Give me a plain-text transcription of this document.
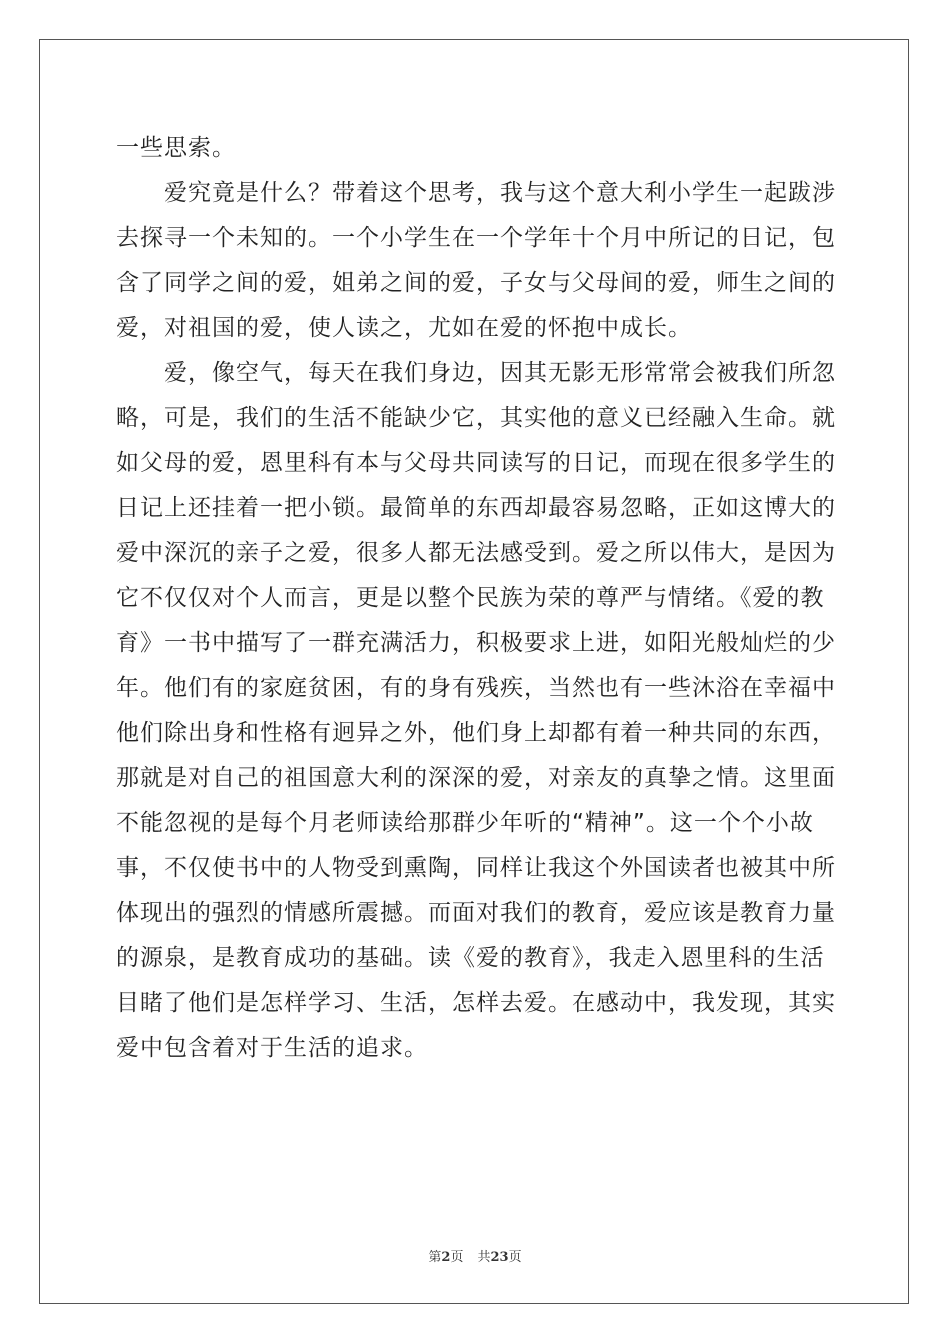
一些思索。
爱究竟是什么？带着这个思考，我与这个意大利小学生一起跋涉
去探寻一个未知的。一个小学生在一个学年十个月中所记的日记，包
含了同学之间的爱，姐弟之间的爱，子女与父母间的爱，师生之间的
爱，对祖国的爱，使人读之，尤如在爱的怀抱中成长。
爱，像空气，每天在我们身边，因其无影无形常常会被我们所忽
略，可是，我们的生活不能缺少它，其实他的意义已经融入生命。就
如父母的爱，恩里科有本与父母共同读写的日记，而现在很多学生的
日记上还挂着一把小锁。最简单的东西却最容易忽略，正如这博大的
爱中深沉的亲子之爱，很多人都无法感受到。爱之所以伟大，是因为
它不仅仅对个人而言，更是以整个民族为荣的尊严与情绪。《爱的教
育》一书中描写了一群充满活力，积极要求上进，如阳光般灿烂的少
年。他们有的家庭贫困，有的身有残疾，当然也有一些沐浴在幸福中
他们除出身和性格有迥异之外，他们身上却都有着一种共同的东西，
那就是对自己的祖国意大利的深深的爱，对亲友的真挚之情。这里面
不能忽视的是每个月老师读给那群少年听的“精神”。这一个个小故
事，不仅使书中的人物受到熏陶，同样让我这个外国读者也被其中所
体现出的强烈的情感所震撼。而面对我们的教育，爱应该是教育力量
的源泉，是教育成功的基础。读《爱的教育》，我走入恩里科的生活
目睹了他们是怎样学习、生活，怎样去爱。在感动中，我发现，其实
爱中包含着对于生活的追求。
第2页 共23页
